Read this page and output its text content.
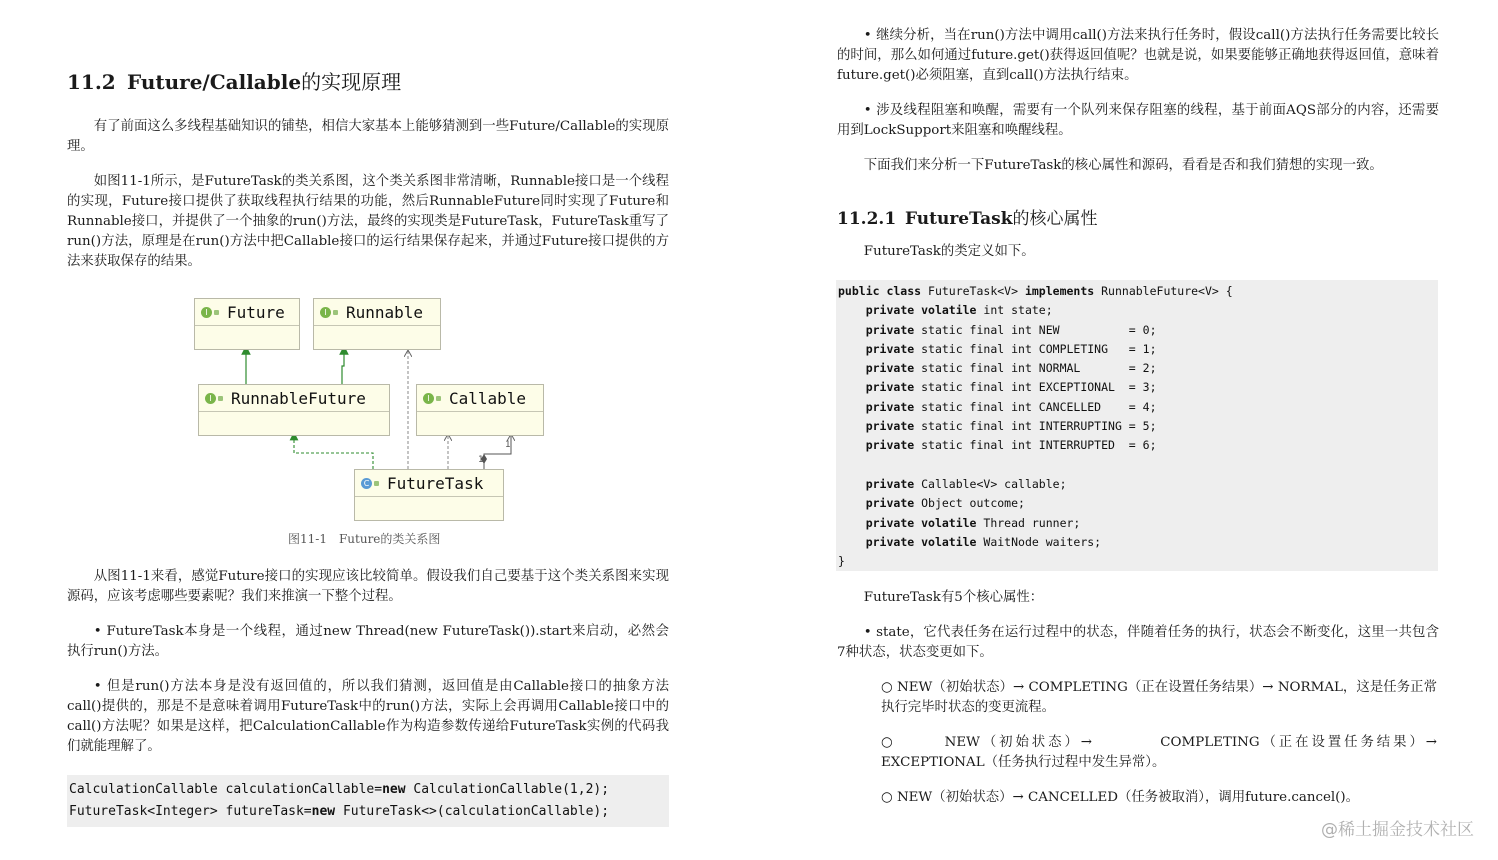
11.2 Future/Callable的实现原理

有了前面这么多线程基础知识的铺垫，相信大家基本上能够猜测到一些Future/Callable的实现原理。

如图11-1所示，是FutureTask的类关系图，这个类关系图非常清晰，Runnable接口是一个线程的实现，Future接口提供了获取线程执行结果的功能，然后RunnableFuture同时实现了Future和Runnable接口，并提供了一个抽象的run()方法，最终的实现类是FutureTask，FutureTask重写了run()方法，原理是在run()方法中把Callable接口的运行结果保存起来，并通过Future接口提供的方法来获取保存的结果。

1
1
I Future	I Runnable
I RunnableFuture	I Callable
C FutureTask
图11-1　Future的类关系图

从图11-1来看，感觉Future接口的实现应该比较简单。假设我们自己要基于这个类关系图来实现源码，应该考虑哪些要素呢？我们来推演一下整个过程。

• FutureTask本身是一个线程，通过new Thread(new FutureTask()).start来启动，必然会执行run()方法。

• 但是run()方法本身是没有返回值的，所以我们猜测，返回值是由Callable接口的抽象方法call()提供的，那是不是意味着调用FutureTask中的run()方法，实际上会再调用Callable接口中的call()方法呢？如果是这样，把CalculationCallable作为构造参数传递给FutureTask实例的代码我们就能理解了。

CalculationCallable calculationCallable=new CalculationCallable(1,2);
FutureTask<Integer> futureTask=new FutureTask<>(calculationCallable);

• 继续分析，当在run()方法中调用call()方法来执行任务时，假设call()方法执行任务需要比较长的时间，那么如何通过future.get()获得返回值呢？也就是说，如果要能够正确地获得返回值，意味着future.get()必须阻塞，直到call()方法执行结束。

• 涉及线程阻塞和唤醒，需要有一个队列来保存阻塞的线程，基于前面AQS部分的内容，还需要用到LockSupport来阻塞和唤醒线程。

下面我们来分析一下FutureTask的核心属性和源码，看看是否和我们猜想的实现一致。

11.2.1 FutureTask的核心属性

FutureTask的类定义如下。

public class FutureTask<V> implements RunnableFuture<V> {
private volatile int state;
private static final int NEW          = 0;
private static final int COMPLETING   = 1;
private static final int NORMAL       = 2;
private static final int EXCEPTIONAL  = 3;
private static final int CANCELLED    = 4;
private static final int INTERRUPTING = 5;
private static final int INTERRUPTED  = 6;

private Callable<V> callable;
private Object outcome;
private volatile Thread runner;
private volatile WaitNode waiters;
}

FutureTask有5个核心属性：

• state，它代表任务在运行过程中的状态，伴随着任务的执行，状态会不断变化，这里一共包含7种状态，状态变更如下。

○ NEW（初始状态）→ COMPLETING（正在设置任务结果）→ NORMAL，这是任务正常执行完毕时状态的变更流程。

○　　　NEW（初始状态）→　　　　COMPLETING（正在设置任务结果）→ EXCEPTIONAL（任务执行过程中发生异常）。

○ NEW（初始状态）→ CANCELLED（任务被取消），调用future.cancel()。

@稀土掘金技术社区
